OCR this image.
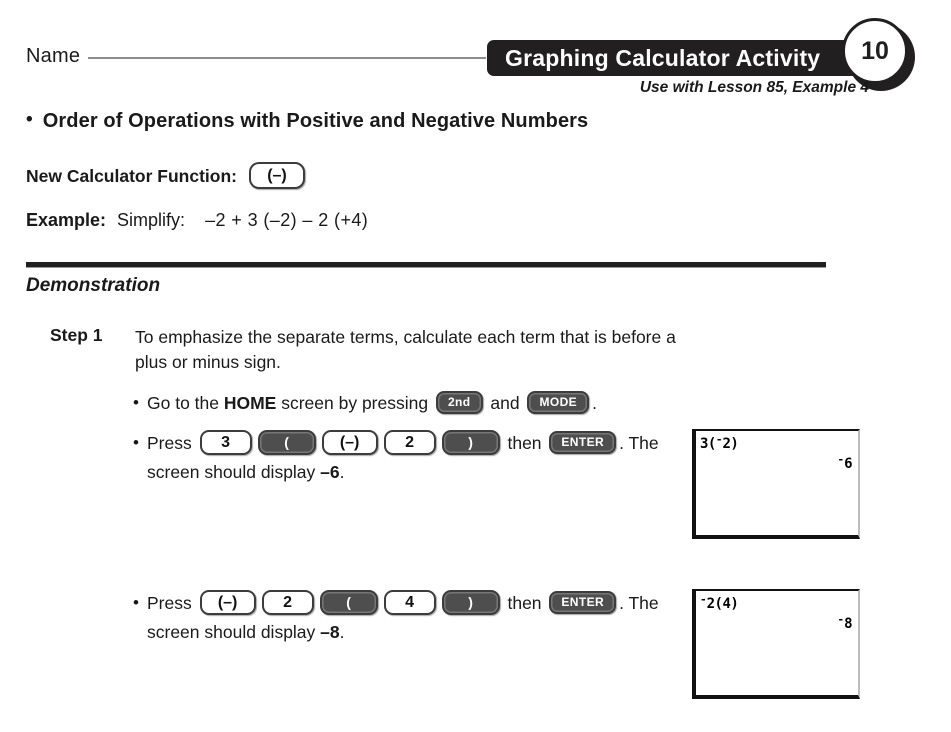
Name	Graphing Calculator Activity	10
Use with Lesson 85, Example 4
• Order of Operations with Positive and Negative Numbers
New Calculator Function:	(–)
Example: Simplify: –2 + 3 (–2) – 2 (+4)
Demonstration
Step 1 To emphasize the separate terms, calculate each term that is before a plus or minus sign.
• Go to the HOME screen by pressing	2nd and	MODE .
• Press	3	(	(–)	2	)	then	ENTER . The
screen should display –6.
• Press	(–)	2	(	4	)	then	ENTER . The
screen should display –8.
3(-2)
-6
-2(4)
-8
